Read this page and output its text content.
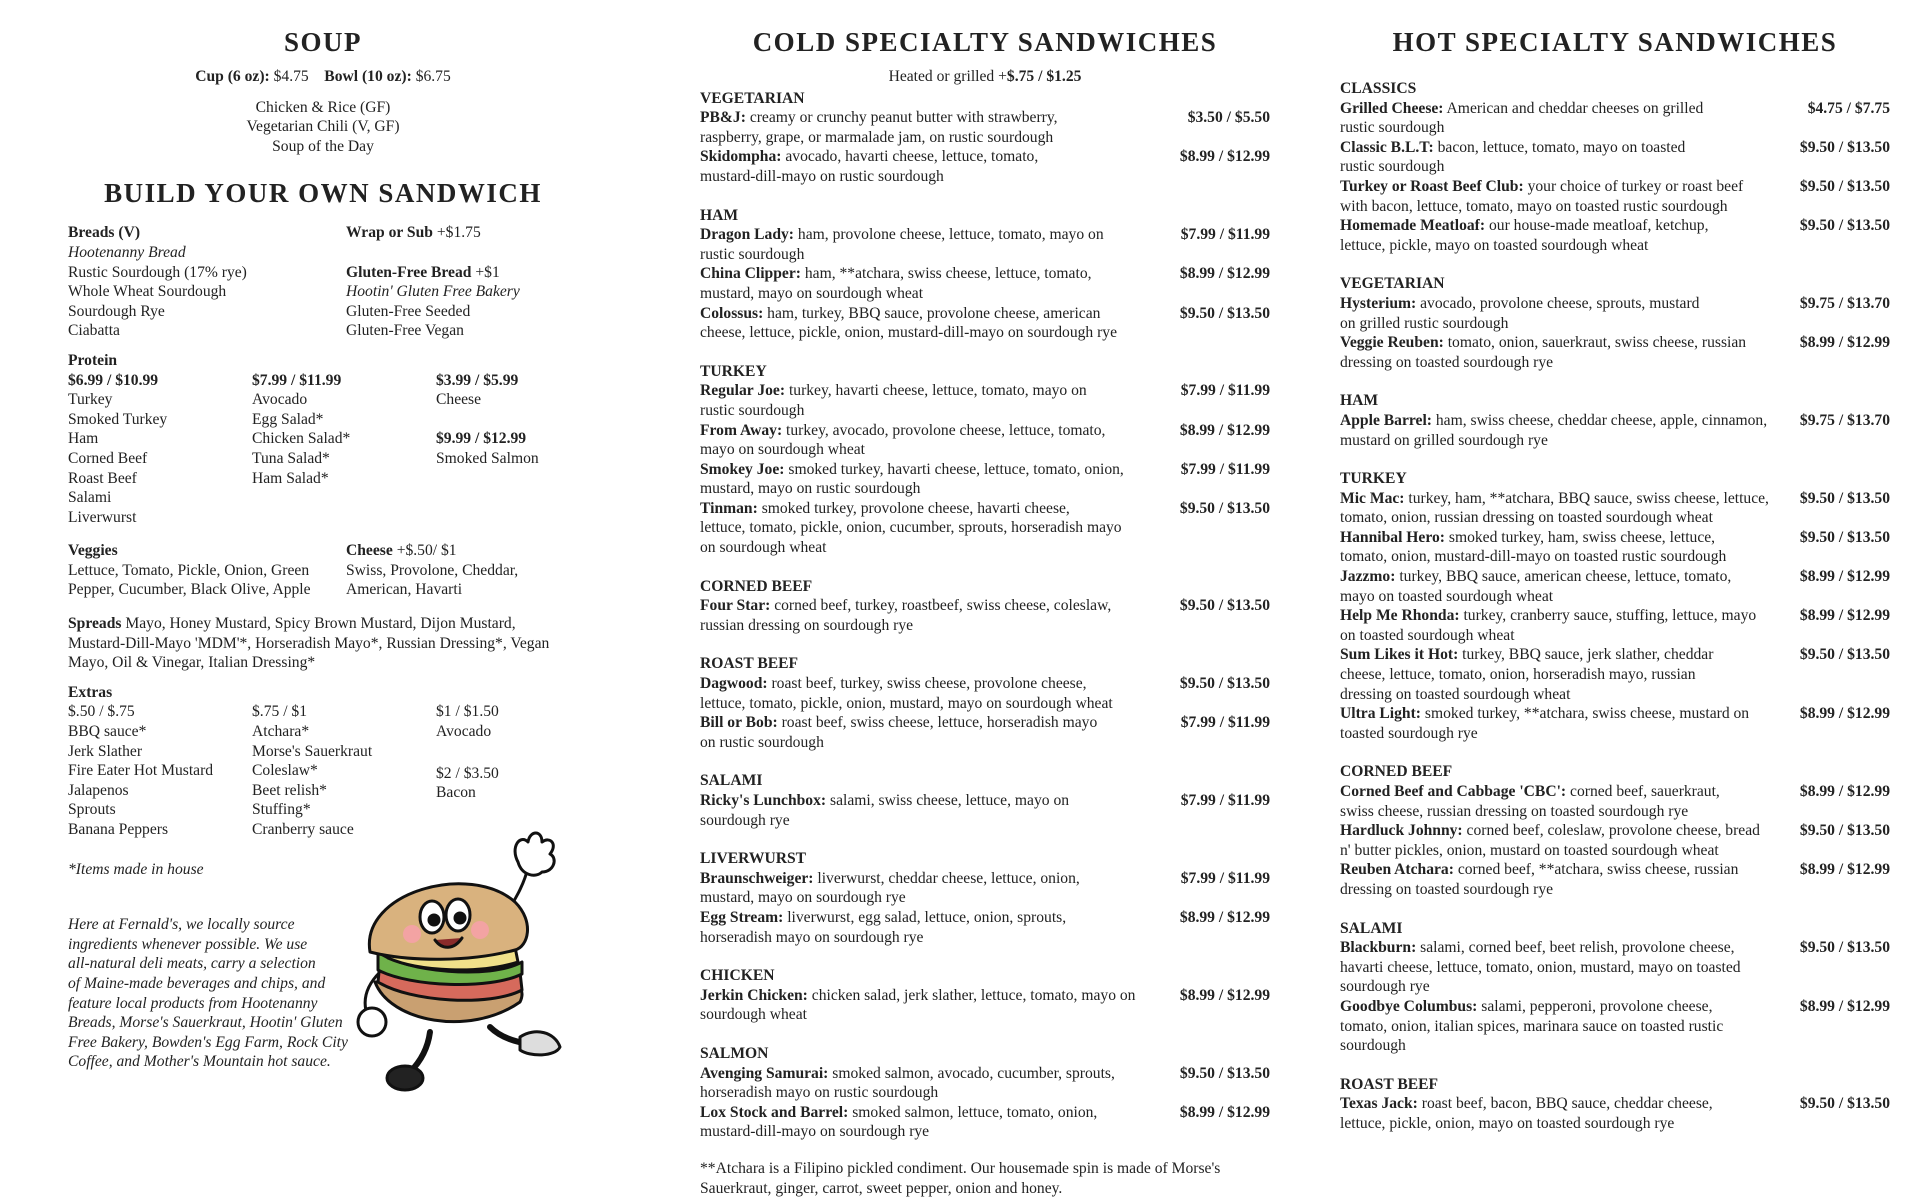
SOUP
Cup (6 oz): $4.75 Bowl (10 oz): $6.75
Chicken & Rice (GF)
Vegetarian Chili (V, GF)
Soup of the Day
BUILD YOUR OWN SANDWICH
Breads (V)
Hootenanny Bread
Rustic Sourdough (17% rye)
Whole Wheat Sourdough
Sourdough Rye
Ciabatta
Wrap or Sub +$1.75
Gluten-Free Bread +$1
Hootin' Gluten Free Bakery
Gluten-Free Seeded
Gluten-Free Vegan
Protein
$6.99 / $10.99
Turkey
Smoked Turkey
Ham
Corned Beef
Roast Beef
Salami
Liverwurst
$7.99 / $11.99
Avocado
Egg Salad*
Chicken Salad*
Tuna Salad*
Ham Salad*
$3.99 / $5.99
Cheese
$9.99 / $12.99
Smoked Salmon
Veggies
Lettuce, Tomato, Pickle, Onion, Green
Pepper, Cucumber, Black Olive, Apple
Cheese +$.50/ $1
Swiss, Provolone, Cheddar,
American, Havarti
Spreads Mayo, Honey Mustard, Spicy Brown Mustard, Dijon Mustard,
Mustard-Dill-Mayo 'MDM'*, Horseradish Mayo*, Russian Dressing*, Vegan
Mayo, Oil & Vinegar, Italian Dressing*
Extras
$.50 / $.75
BBQ sauce*
Jerk Slather
Fire Eater Hot Mustard
Jalapenos
Sprouts
Banana Peppers
$.75 / $1
Atchara*
Morse's Sauerkraut
Coleslaw*
Beet relish*
Stuffing*
Cranberry sauce
$1 / $1.50
Avocado
$2 / $3.50
Bacon
*Items made in house
Here at Fernald's, we locally source
ingredients whenever possible. We use
all-natural deli meats, carry a selection
of Maine-made beverages and chips, and
feature local products from Hootenanny
Breads, Morse's Sauerkraut, Hootin' Gluten
Free Bakery, Bowden's Egg Farm, Rock City
Coffee, and Mother's Mountain hot sauce.
COLD SPECIALTY SANDWICHES
Heated or grilled +$.75 / $1.25
VEGETARIAN
PB&J: creamy or crunchy peanut butter with strawberry,
raspberry, grape, or marmalade jam, on rustic sourdough
$3.50 / $5.50
Skidompha: avocado, havarti cheese, lettuce, tomato,
mustard-dill-mayo on rustic sourdough
$8.99 / $12.99
HAM
Dragon Lady: ham, provolone cheese, lettuce, tomato, mayo on
rustic sourdough
$7.99 / $11.99
China Clipper: ham, **atchara, swiss cheese, lettuce, tomato,
mustard, mayo on sourdough wheat
$8.99 / $12.99
Colossus: ham, turkey, BBQ sauce, provolone cheese, american
cheese, lettuce, pickle, onion, mustard-dill-mayo on sourdough rye
$9.50 / $13.50
TURKEY
Regular Joe: turkey, havarti cheese, lettuce, tomato, mayo on
rustic sourdough
$7.99 / $11.99
From Away: turkey, avocado, provolone cheese, lettuce, tomato,
mayo on sourdough wheat
$8.99 / $12.99
Smokey Joe: smoked turkey, havarti cheese, lettuce, tomato, onion,
mustard, mayo on rustic sourdough
$7.99 / $11.99
Tinman: smoked turkey, provolone cheese, havarti cheese,
lettuce, tomato, pickle, onion, cucumber, sprouts, horseradish mayo
on sourdough wheat
$9.50 / $13.50
CORNED BEEF
Four Star: corned beef, turkey, roastbeef, swiss cheese, coleslaw,
russian dressing on sourdough rye
$9.50 / $13.50
ROAST BEEF
Dagwood: roast beef, turkey, swiss cheese, provolone cheese,
lettuce, tomato, pickle, onion, mustard, mayo on sourdough wheat
$9.50 / $13.50
Bill or Bob: roast beef, swiss cheese, lettuce, horseradish mayo
on rustic sourdough
$7.99 / $11.99
SALAMI
Ricky's Lunchbox: salami, swiss cheese, lettuce, mayo on
sourdough rye
$7.99 / $11.99
LIVERWURST
Braunschweiger: liverwurst, cheddar cheese, lettuce, onion,
mustard, mayo on sourdough rye
$7.99 / $11.99
Egg Stream: liverwurst, egg salad, lettuce, onion, sprouts,
horseradish mayo on sourdough rye
$8.99 / $12.99
CHICKEN
Jerkin Chicken: chicken salad, jerk slather, lettuce, tomato, mayo on
sourdough wheat
$8.99 / $12.99
SALMON
Avenging Samurai: smoked salmon, avocado, cucumber, sprouts,
horseradish mayo on rustic sourdough
$9.50 / $13.50
Lox Stock and Barrel: smoked salmon, lettuce, tomato, onion,
mustard-dill-mayo on sourdough rye
$8.99 / $12.99
**Atchara is a Filipino pickled condiment. Our housemade spin is made of Morse's
Sauerkraut, ginger, carrot, sweet pepper, onion and honey.
HOT SPECIALTY SANDWICHES
CLASSICS
Grilled Cheese: American and cheddar cheeses on grilled
rustic sourdough
$4.75 / $7.75
Classic B.L.T: bacon, lettuce, tomato, mayo on toasted
rustic sourdough
$9.50 / $13.50
Turkey or Roast Beef Club: your choice of turkey or roast beef
with bacon, lettuce, tomato, mayo on toasted rustic sourdough
$9.50 / $13.50
Homemade Meatloaf: our house-made meatloaf, ketchup,
lettuce, pickle, mayo on toasted sourdough wheat
$9.50 / $13.50
VEGETARIAN
Hysterium: avocado, provolone cheese, sprouts, mustard
on grilled rustic sourdough
$9.75 / $13.70
Veggie Reuben: tomato, onion, sauerkraut, swiss cheese, russian
dressing on toasted sourdough rye
$8.99 / $12.99
HAM
Apple Barrel: ham, swiss cheese, cheddar cheese, apple, cinnamon,
mustard on grilled sourdough rye
$9.75 / $13.70
TURKEY
Mic Mac: turkey, ham, **atchara, BBQ sauce, swiss cheese, lettuce,
tomato, onion, russian dressing on toasted sourdough wheat
$9.50 / $13.50
Hannibal Hero: smoked turkey, ham, swiss cheese, lettuce,
tomato, onion, mustard-dill-mayo on toasted rustic sourdough
$9.50 / $13.50
Jazzmo: turkey, BBQ sauce, american cheese, lettuce, tomato,
mayo on toasted sourdough wheat
$8.99 / $12.99
Help Me Rhonda: turkey, cranberry sauce, stuffing, lettuce, mayo
on toasted sourdough wheat
$8.99 / $12.99
Sum Likes it Hot: turkey, BBQ sauce, jerk slather, cheddar
cheese, lettuce, tomato, onion, horseradish mayo, russian
dressing on toasted sourdough wheat
$9.50 / $13.50
Ultra Light: smoked turkey, **atchara, swiss cheese, mustard on
toasted sourdough rye
$8.99 / $12.99
CORNED BEEF
Corned Beef and Cabbage 'CBC': corned beef, sauerkraut,
swiss cheese, russian dressing on toasted sourdough rye
$8.99 / $12.99
Hardluck Johnny: corned beef, coleslaw, provolone cheese, bread
n' butter pickles, onion, mustard on toasted sourdough wheat
$9.50 / $13.50
Reuben Atchara: corned beef, **atchara, swiss cheese, russian
dressing on toasted sourdough rye
$8.99 / $12.99
SALAMI
Blackburn: salami, corned beef, beet relish, provolone cheese,
havarti cheese, lettuce, tomato, onion, mustard, mayo on toasted
sourdough rye
$9.50 / $13.50
Goodbye Columbus: salami, pepperoni, provolone cheese,
tomato, onion, italian spices, marinara sauce on toasted rustic
sourdough
$8.99 / $12.99
ROAST BEEF
Texas Jack: roast beef, bacon, BBQ sauce, cheddar cheese,
lettuce, pickle, onion, mayo on toasted sourdough rye
$9.50 / $13.50
